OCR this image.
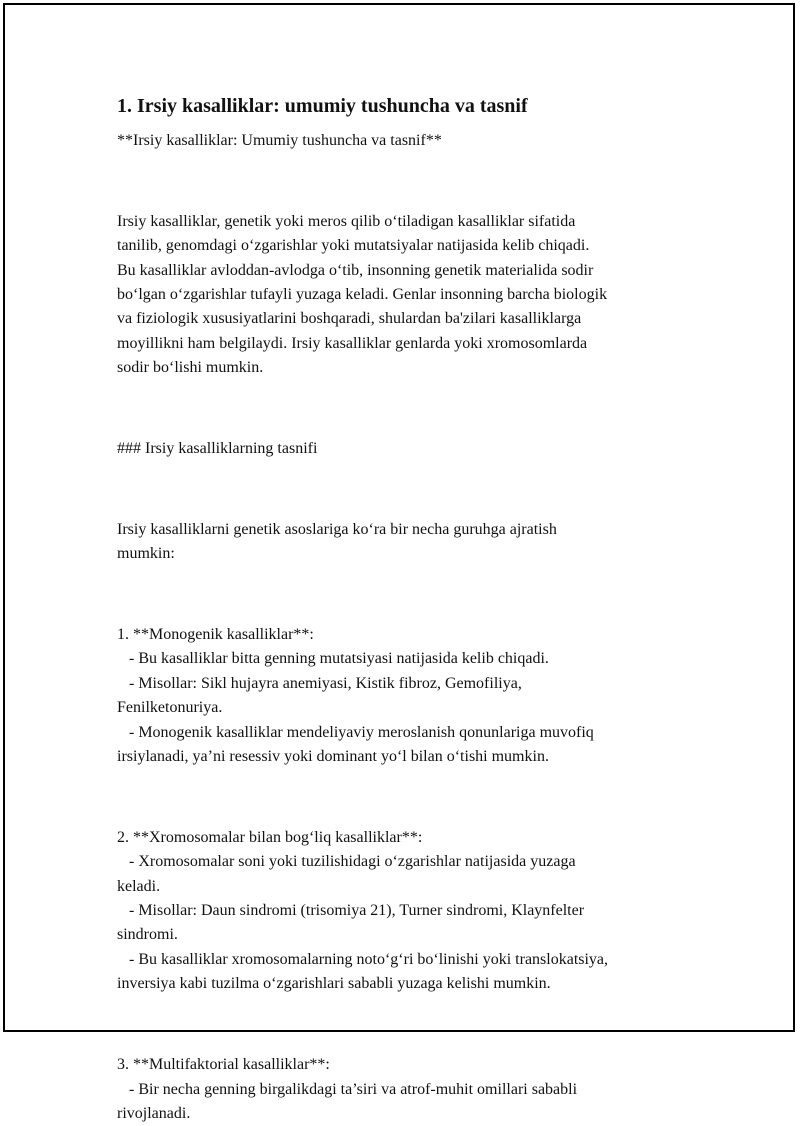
1. Irsiy kasalliklar: umumiy tushuncha va tasnif

**Irsiy kasalliklar: Umumiy tushuncha va tasnif**

Irsiy kasalliklar, genetik yoki meros qilib o‘tiladigan kasalliklar sifatida

tanilib, genomdagi o‘zgarishlar yoki mutatsiyalar natijasida kelib chiqadi.

Bu kasalliklar avloddan-avlodga o‘tib, insonning genetik materialida sodir

bo‘lgan o‘zgarishlar tufayli yuzaga keladi. Genlar insonning barcha biologik

va fiziologik xususiyatlarini boshqaradi, shulardan ba'zilari kasalliklarga

moyillikni ham belgilaydi. Irsiy kasalliklar genlarda yoki xromosomlarda

sodir bo‘lishi mumkin.

### Irsiy kasalliklarning tasnifi

Irsiy kasalliklarni genetik asoslariga ko‘ra bir necha guruhga ajratish

mumkin:

1. **Monogenik kasalliklar**:

- Bu kasalliklar bitta genning mutatsiyasi natijasida kelib chiqadi.

- Misollar: Sikl hujayra anemiyasi, Kistik fibroz, Gemofiliya,

Fenilketonuriya.

- Monogenik kasalliklar mendeliyaviy meroslanish qonunlariga muvofiq

irsiylanadi, ya’ni resessiv yoki dominant yo‘l bilan o‘tishi mumkin.

2. **Xromosomalar bilan bog‘liq kasalliklar**:

- Xromosomalar soni yoki tuzilishidagi o‘zgarishlar natijasida yuzaga

keladi.

- Misollar: Daun sindromi (trisomiya 21), Turner sindromi, Klaynfelter

sindromi.

- Bu kasalliklar xromosomalarning noto‘g‘ri bo‘linishi yoki translokatsiya,

inversiya kabi tuzilma o‘zgarishlari sababli yuzaga kelishi mumkin.

3. **Multifaktorial kasalliklar**:

- Bir necha genning birgalikdagi ta’siri va atrof-muhit omillari sababli

rivojlanadi.
